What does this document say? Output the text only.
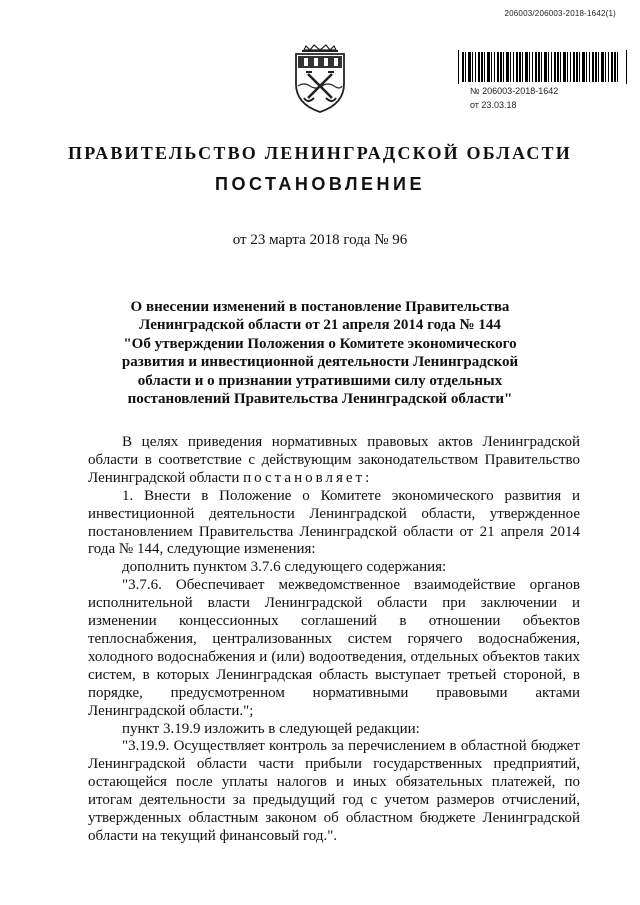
206003/206003-2018-1642(1)
№ 206003-2018-1642
от 23.03.18
ПРАВИТЕЛЬСТВО ЛЕНИНГРАДСКОЙ ОБЛАСТИ
ПОСТАНОВЛЕНИЕ
от 23 марта 2018 года № 96
О внесении изменений в постановление Правительства
Ленинградской области от 21 апреля 2014 года № 144
"Об утверждении Положения о Комитете экономического
развития и инвестиционной деятельности Ленинградской
области и о признании утратившими силу отдельных
постановлений Правительства Ленинградской области"

В целях приведения нормативных правовых актов Ленинградской области в соответствие с действующим законодательством Правительство Ленинградской области постановляет:

1. Внести в Положение о Комитете экономического развития и инвестиционной деятельности Ленинградской области, утвержденное постановлением Правительства Ленинградской области от 21 апреля 2014 года № 144, следующие изменения:

дополнить пунктом 3.7.6 следующего содержания:

"3.7.6. Обеспечивает межведомственное взаимодействие органов исполнительной власти Ленинградской области при заключении и изменении концессионных соглашений в отношении объектов теплоснабжения, централизованных систем горячего водоснабжения, холодного водоснабжения и (или) водоотведения, отдельных объектов таких систем, в которых Ленинградская область выступает третьей стороной, в порядке, предусмотренном нормативными правовыми актами Ленинградской области.";

пункт 3.19.9 изложить в следующей редакции:

"3.19.9. Осуществляет контроль за перечислением в областной бюджет Ленинградской области части прибыли государственных предприятий, остающейся после уплаты налогов и иных обязательных платежей, по итогам деятельности за предыдущий год с учетом размеров отчислений, утвержденных областным законом об областном бюджете Ленинградской области на текущий финансовый год.".
